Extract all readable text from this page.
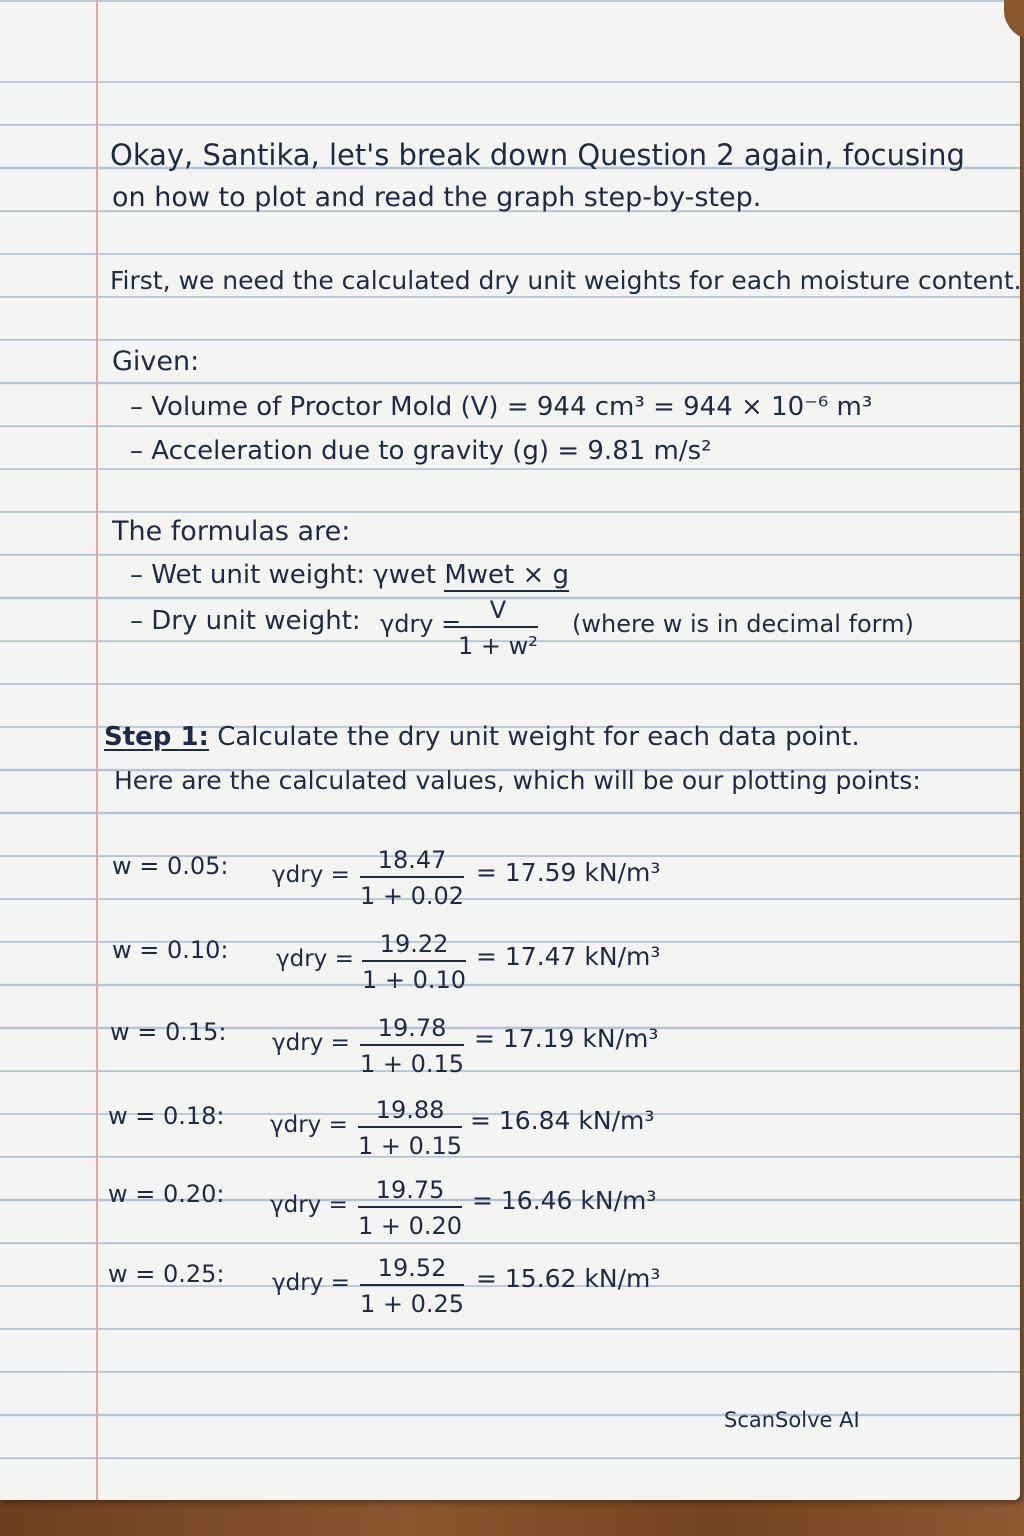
Okay, Santika, let's break down Question 2 again, focusing
on how to plot and read the graph step-by-step.
First, we need the calculated dry unit weights for each moisture content.
Given:
– Volume of Proctor Mold (V) = 944 cm³ = 944 × 10⁻⁶ m³
– Acceleration due to gravity (g) = 9.81 m/s²
The formulas are:
– Wet unit weight: γwet Mwet × g
– Dry unit weight: γdry =
$\frac{V}{\text{1 + w²}}$ (where w is in decimal form)
Step 1: Calculate the dry unit weight for each data point.
Here are the calculated values, which will be our plotting points:
w = 0.05: $\gamma dry = \frac{18.47}{1 + 0.02} = 17.59$ kN/m³
w = 0.10: $\gamma dry = \frac{19.22}{1 + 0.10} = 17.47$ kN/m³
w = 0.15: $\gamma dry = \frac{19.78}{1 + 0.15} = 17.19$ kN/m³
w = 0.18: $\gamma dry = \frac{19.88}{1 + 0.15} = 16.84$ kN/m³
w = 0.20: $\gamma dry = \frac{19.75}{1 + 0.20} = 16.46$ kN/m³
w = 0.25: $\gamma dry = \frac{19.52}{1 + 0.25} = 15.62$ kN/m³
ScanSolve AI
